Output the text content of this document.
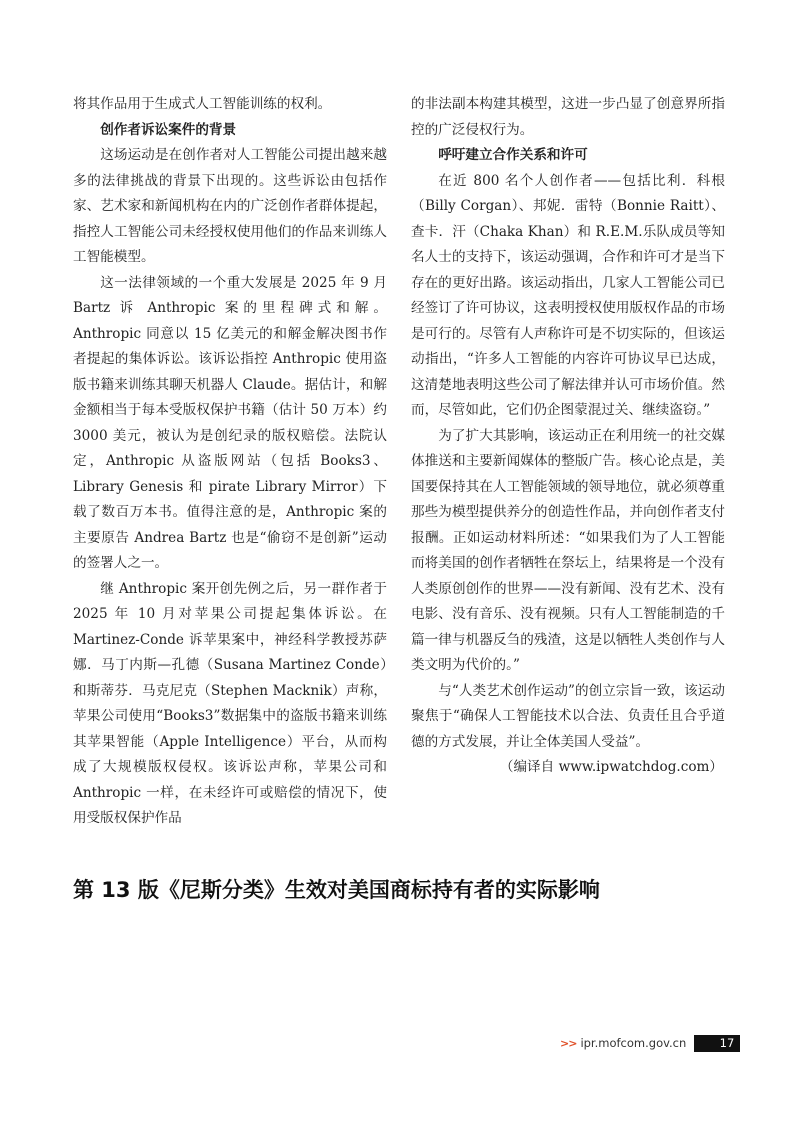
将其作品用于生成式人工智能训练的权利。

创作者诉讼案件的背景

这场运动是在创作者对人工智能公司提出越来越多的法律挑战的背景下出现的。这些诉讼由包括作家、艺术家和新闻机构在内的广泛创作者群体提起，指控人工智能公司未经授权使用他们的作品来训练人工智能模型。

这一法律领域的一个重大发展是 2025 年 9 月 Bartz 诉 Anthropic 案的里程碑式和解。Anthropic 同意以 15 亿美元的和解金解决图书作者提起的集体诉讼。该诉讼指控 Anthropic 使用盗版书籍来训练其聊天机器人 Claude。据估计，和解金额相当于每本受版权保护书籍（估计 50 万本）约 3000 美元，被认为是创纪录的版权赔偿。法院认定，Anthropic 从盗版网站（包括 Books3、Library Genesis 和 pirate Library Mirror）下载了数百万本书。值得注意的是，Anthropic 案的主要原告 Andrea Bartz 也是“偷窃不是创新”运动的签署人之一。

继 Anthropic 案开创先例之后，另一群作者于 2025 年 10 月对苹果公司提起集体诉讼。在 Martinez-Conde 诉苹果案中，神经科学教授苏萨娜．马丁内斯—孔德（Susana Martinez Conde）和斯蒂芬．马克尼克（Stephen Macknik）声称，苹果公司使用“Books3”数据集中的盗版书籍来训练其苹果智能（Apple Intelligence）平台，从而构成了大规模版权侵权。该诉讼声称，苹果公司和 Anthropic 一样，在未经许可或赔偿的情况下，使用受版权保护作品

的非法副本构建其模型，这进一步凸显了创意界所指控的广泛侵权行为。

呼吁建立合作关系和许可

在近 800 名个人创作者——包括比利．科根（Billy Corgan）、邦妮．雷特（Bonnie Raitt）、查卡．汗（Chaka Khan）和 R.E.M.乐队成员等知名人士的支持下，该运动强调，合作和许可才是当下存在的更好出路。该运动指出，几家人工智能公司已经签订了许可协议，这表明授权使用版权作品的市场是可行的。尽管有人声称许可是不切实际的，但该运动指出，“许多人工智能的内容许可协议早已达成，这清楚地表明这些公司了解法律并认可市场价值。然而，尽管如此，它们仍企图蒙混过关、继续盗窃。”

为了扩大其影响，该运动正在利用统一的社交媒体推送和主要新闻媒体的整版广告。核心论点是，美国要保持其在人工智能领域的领导地位，就必须尊重那些为模型提供养分的创造性作品，并向创作者支付报酬。正如运动材料所述：“如果我们为了人工智能而将美国的创作者牺牲在祭坛上，结果将是一个没有人类原创创作的世界——没有新闻、没有艺术、没有电影、没有音乐、没有视频。只有人工智能制造的千篇一律与机器反刍的残渣，这是以牺牲人类创作与人类文明为代价的。”

与“人类艺术创作运动”的创立宗旨一致，该运动聚焦于“确保人工智能技术以合法、负责任且合乎道德的方式发展，并让全体美国人受益”。

（编译自 www.ipwatchdog.com）

第 13 版《尼斯分类》生效对美国商标持有者的实际影响
>> ipr.mofcom.gov.cn	17
